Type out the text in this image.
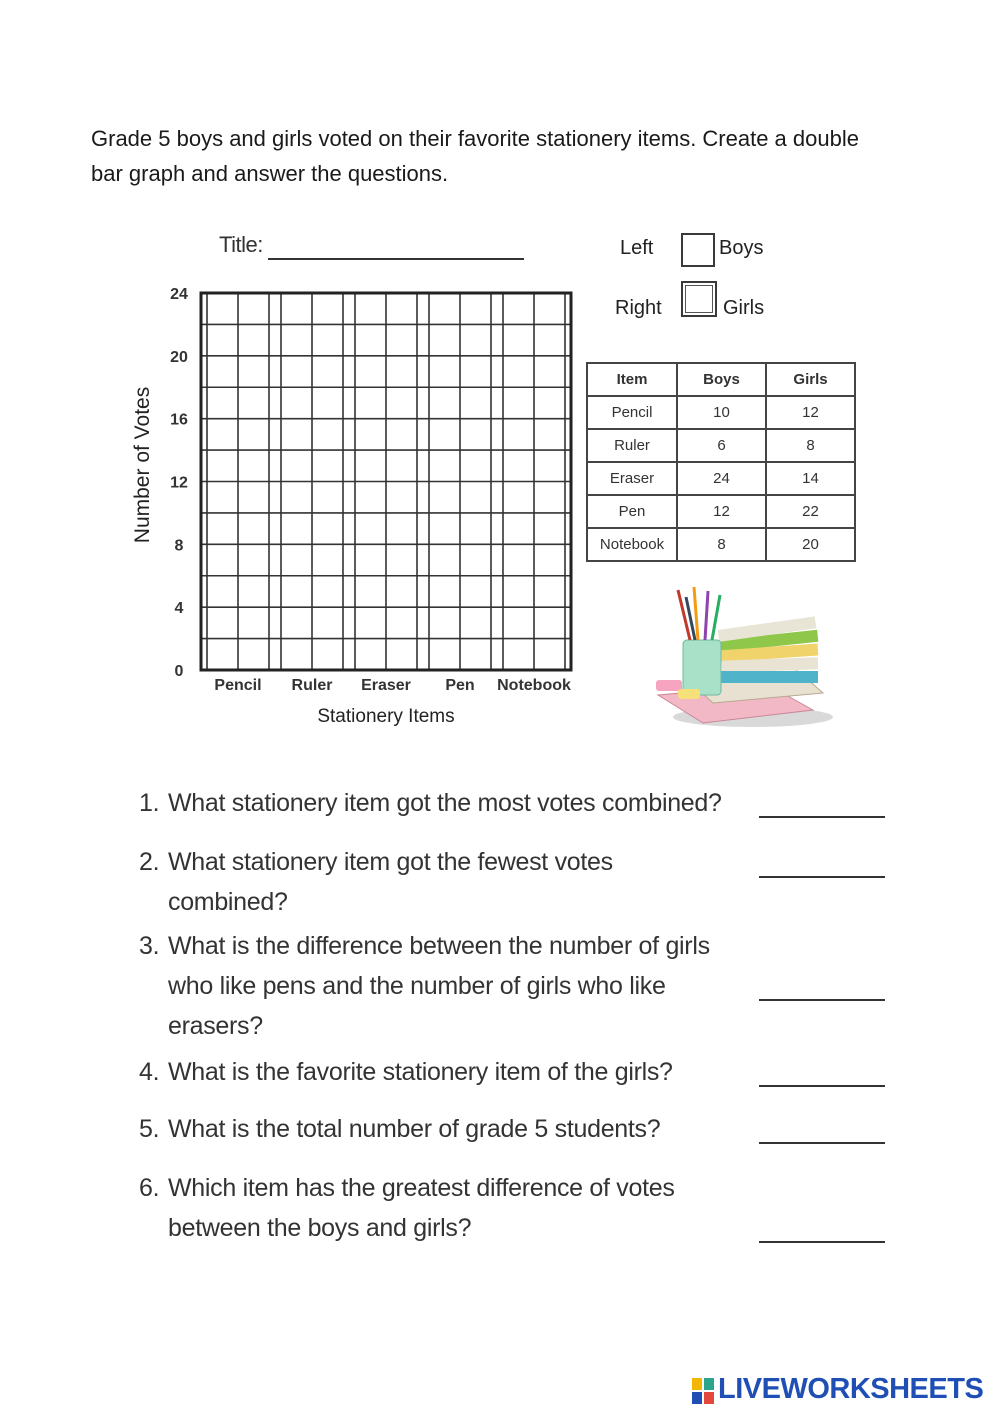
Grade 5 boys and girls voted on their favorite stationery items. Create a double bar graph and answer the questions.
Title:	Left	Boys
Right	Girls
Pencil Ruler Eraser Pen Notebook
0
4
8
12
16
20
24
Number of Votes
Stationery Items
Item	Boys	Girls
Pencil	10	12
Ruler	6	8
Eraser	24	14
Pen	12	22
Notebook	8	20
1. What stationery item got the most votes combined?
2. What stationery item got the fewest votes combined?
3. What is the difference between the number of girls who like pens and the number of girls who like erasers?
4. What is the favorite stationery item of the girls?
5. What is the total number of grade 5 students?
6. Which item has the greatest difference of votes between the boys and girls?
LIVEWORKSHEETS
